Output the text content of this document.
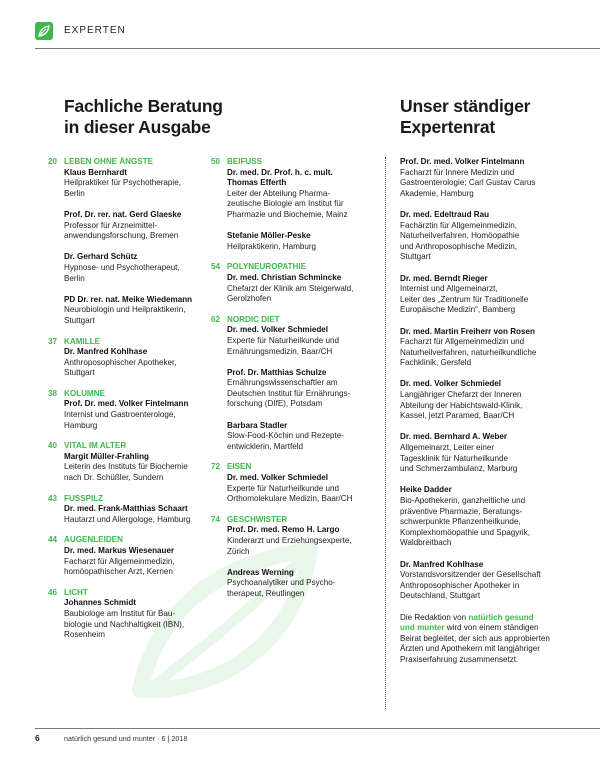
EXPERTEN
Fachliche Beratung
in dieser Ausgabe
Unser ständiger
Expertenrat
20 LEBEN OHNE ÄNGSTE
Klaus Bernhardt
Heilpraktiker für Psychotherapie,
Berlin
Prof. Dr. rer. nat. Gerd Glaeske
Professor für Arzneimittel-
anwendungsforschung, Bremen
Dr. Gerhard Schütz
Hypnose- und Psychotherapeut,
Berlin
PD Dr. rer. nat. Meike Wiedemann
Neurobiologin und Heilpraktikerin,
Stuttgart
37 KAMILLE
Dr. Manfred Kohlhase
Anthroposophischer Apotheker,
Stuttgart
38 KOLUMNE
Prof. Dr. med. Volker Fintelmann
Internist und Gastroenterologe,
Hamburg
40 VITAL IM ALTER
Margit Müller-Frahling
Leiterin des Instituts für Biochemie
nach Dr. Schüßler, Sundern
43 FUSSPILZ
Dr. med. Frank-Matthias Schaart
Hautarzt und Allergologe, Hamburg
44 AUGENLEIDEN
Dr. med. Markus Wiesenauer
Facharzt für Allgemeinmedizin,
homöopathischer Arzt, Kernen
46 LICHT
Johannes Schmidt
Baubiologe am Institut für Bau-
biologie und Nachhaltigkeit (IBN),
Rosenheim
50 BEIFUSS
Dr. med. Dr. Prof. h. c. mult.
Thomas Efferth
Leiter der Abteilung Pharma-
zeutische Biologie am Institut für
Pharmazie und Biochemie, Mainz
Stefanie Möller-Peske
Heilpraktikerin, Hamburg
54 POLYNEUROPATHIE
Dr. med. Christian Schmincke
Chefarzt der Klinik am Steigerwald,
Gerolzhofen
62 NORDIC DIET
Dr. med. Volker Schmiedel
Experte für Naturheilkunde und
Ernährungsmedizin, Baar/CH
Prof. Dr. Matthias Schulze
Ernährungswissenschaftler am
Deutschen Institut für Ernährungs-
forschung (DIfE), Potsdam
Barbara Stadler
Slow-Food-Köchin und Rezepte-
entwicklerin, Martfeld
72 EISEN
Dr. med. Volker Schmiedel
Experte für Naturheilkunde und
Orthomolekulare Medizin, Baar/CH
74 GESCHWISTER
Prof. Dr. med. Remo H. Largo
Kinderarzt und Erziehungsexperte,
Zürich
Andreas Werning
Psychoanalytiker und Psycho-
therapeut, Reutlingen
Prof. Dr. med. Volker Fintelmann
Facharzt für Innere Medizin und
Gastroenterologie; Carl Gustav Carus
Akademie, Hamburg
Dr. med. Edeltraud Rau
Fachärztin für Allgemeinmedizin,
Naturheilverfahren, Homöopathie
und Anthroposophische Medizin,
Stuttgart
Dr. med. Berndt Rieger
Internist und Allgemeinarzt,
Leiter des „Zentrum für Traditionelle
Europäische Medizin“, Bamberg
Dr. med. Martin Freiherr von Rosen
Facharzt für Allgemeinmedizin und
Naturheilverfahren, naturheilkundliche
Fachklinik, Gersfeld
Dr. med. Volker Schmiedel
Langjähriger Chefarzt der Inneren
Abteilung der Habichtswald-Klinik,
Kassel, jetzt Paramed, Baar/CH
Dr. med. Bernhard A. Weber
Allgemeinarzt, Leiter einer
Tagesklinik für Naturheilkunde
und Schmerzambulanz, Marburg
Heike Dadder
Bio-Apothekerin, ganzheitliche und
präventive Pharmazie, Beratungs-
schwerpunkte Pflanzenheilkunde,
Komplexhomöopathie und Spagyrik,
Waldbreitbach
Dr. Manfred Kohlhase
Vorstandsvorsitzender der Gesellschaft
Anthroposophischer Apotheker in
Deutschland, Stuttgart
Die Redaktion von natürlich gesund
und munter wird von einem ständigen
Beirat begleitet, der sich aus approbierten
Ärzten und Apothekern mit langjähriger
Praxiserfahrung zusammensetzt.
6	natürlich gesund und munter · 6 | 2018
